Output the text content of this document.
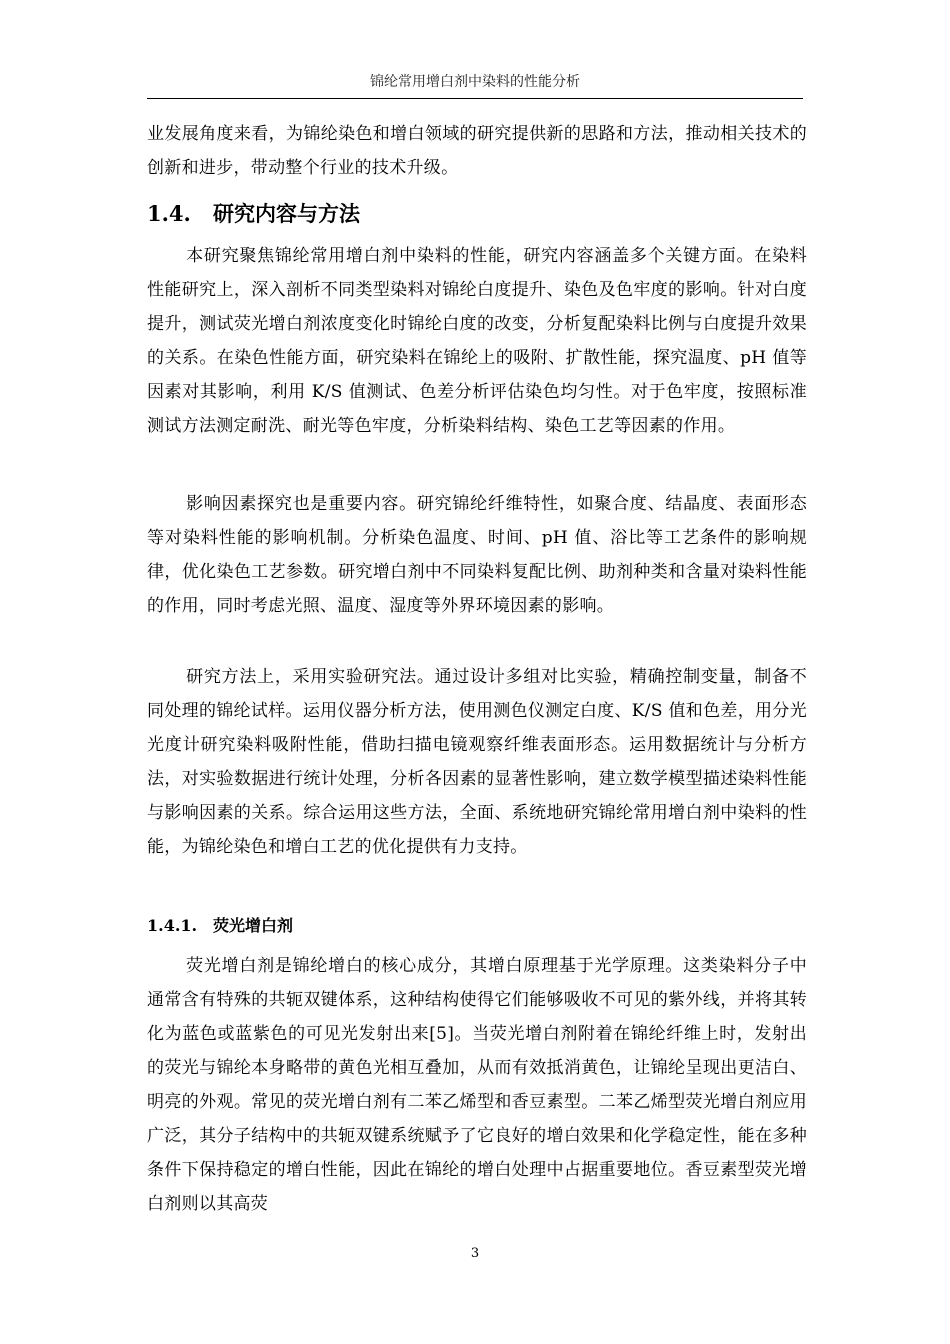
锦纶常用增白剂中染料的性能分析

业发展角度来看，为锦纶染色和增白领域的研究提供新的思路和方法，推动相关技术的创新和进步，带动整个行业的技术升级。

1.4. 研究内容与方法

本研究聚焦锦纶常用增白剂中染料的性能，研究内容涵盖多个关键方面。在染料性能研究上，深入剖析不同类型染料对锦纶白度提升、染色及色牢度的影响。针对白度提升，测试荧光增白剂浓度变化时锦纶白度的改变，分析复配染料比例与白度提升效果的关系。在染色性能方面，研究染料在锦纶上的吸附、扩散性能，探究温度、pH 值等因素对其影响，利用 K/S 值测试、色差分析评估染色均匀性。对于色牢度，按照标准测试方法测定耐洗、耐光等色牢度，分析染料结构、染色工艺等因素的作用。

影响因素探究也是重要内容。研究锦纶纤维特性，如聚合度、结晶度、表面形态等对染料性能的影响机制。分析染色温度、时间、pH 值、浴比等工艺条件的影响规律，优化染色工艺参数。研究增白剂中不同染料复配比例、助剂种类和含量对染料性能的作用，同时考虑光照、温度、湿度等外界环境因素的影响。

研究方法上，采用实验研究法。通过设计多组对比实验，精确控制变量，制备不同处理的锦纶试样。运用仪器分析方法，使用测色仪测定白度、K/S 值和色差，用分光光度计研究染料吸附性能，借助扫描电镜观察纤维表面形态。运用数据统计与分析方法，对实验数据进行统计处理，分析各因素的显著性影响，建立数学模型描述染料性能与影响因素的关系。综合运用这些方法，全面、系统地研究锦纶常用增白剂中染料的性能，为锦纶染色和增白工艺的优化提供有力支持。

1.4.1. 荧光增白剂

荧光增白剂是锦纶增白的核心成分，其增白原理基于光学原理。这类染料分子中通常含有特殊的共轭双键体系，这种结构使得它们能够吸收不可见的紫外线，并将其转化为蓝色或蓝紫色的可见光发射出来[5]。当荧光增白剂附着在锦纶纤维上时，发射出的荧光与锦纶本身略带的黄色光相互叠加，从而有效抵消黄色，让锦纶呈现出更洁白、明亮的外观。常见的荧光增白剂有二苯乙烯型和香豆素型。二苯乙烯型荧光增白剂应用广泛，其分子结构中的共轭双键系统赋予了它良好的增白效果和化学稳定性，能在多种条件下保持稳定的增白性能，因此在锦纶的增白处理中占据重要地位。香豆素型荧光增白剂则以其高荧

3
